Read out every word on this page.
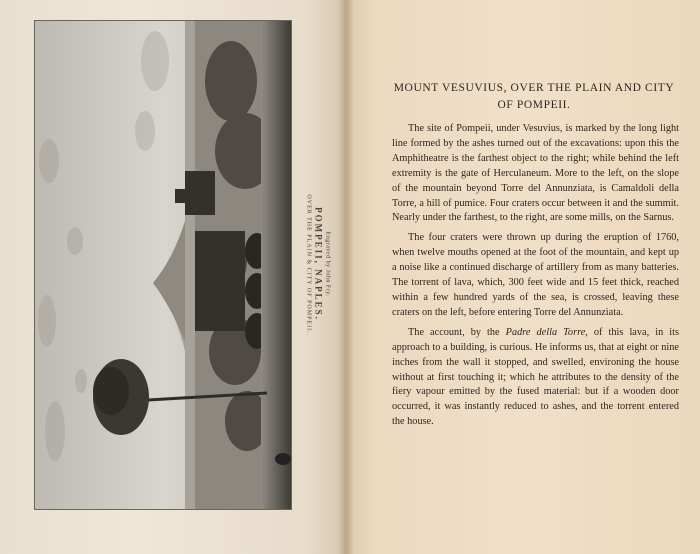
Engraved by John Fry.
POMPEII, NAPLES.
OVER THE PLAIN & CITY OF POMPEII.
MOUNT VESUVIUS, OVER THE PLAIN AND CITY
OF POMPEII.

The site of Pompeii, under Vesuvius, is marked by the long light line formed by the ashes turned out of the excavations: upon this the Amphitheatre is the farthest object to the right; while behind the left extremity is the gate of Herculaneum. More to the left, on the slope of the mountain beyond Torre del Annunziata, is Camaldoli della Torre, a hill of pumice. Four craters occur between it and the summit. Nearly under the farthest, to the right, are some mills, on the Sarnus.

The four craters were thrown up during the eruption of 1760, when twelve mouths opened at the foot of the mountain, and kept up a noise like a continued discharge of artillery from as many batteries. The torrent of lava, which, 300 feet wide and 15 feet thick, reached within a few hundred yards of the sea, is crossed, leaving these craters on the left, before entering Torre del Annunziata.

The account, by the Padre della Torre, of this lava, in its approach to a building, is curious. He informs us, that at eight or nine inches from the wall it stopped, and swelled, environing the house without at first touching it; which he attributes to the density of the fiery vapour emitted by the fused material: but if a wooden door occurred, it was instantly reduced to ashes, and the torrent entered the house.
